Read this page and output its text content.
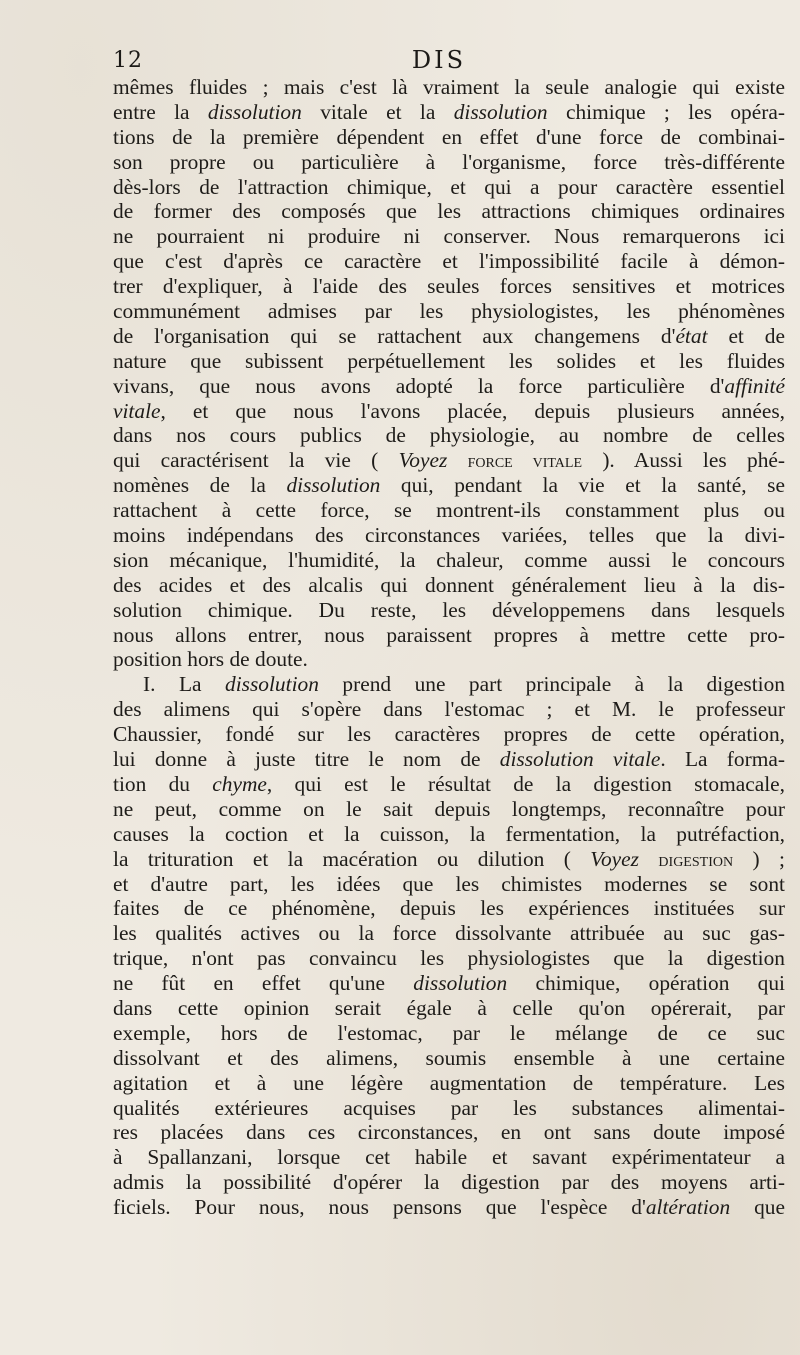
12	DIS
mêmes fluides ; mais c'est là vraiment la seule analogie qui existe
entre la dissolution vitale et la dissolution chimique ; les opéra-
tions de la première dépendent en effet d'une force de combinai-
son propre ou particulière à l'organisme, force très-différente
dès-lors de l'attraction chimique, et qui a pour caractère essentiel
de former des composés que les attractions chimiques ordinaires
ne pourraient ni produire ni conserver. Nous remarquerons ici
que c'est d'après ce caractère et l'impossibilité facile à démon-
trer d'expliquer, à l'aide des seules forces sensitives et motrices
communément admises par les physiologistes, les phénomènes
de l'organisation qui se rattachent aux changemens d'état et de
nature que subissent perpétuellement les solides et les fluides
vivans, que nous avons adopté la force particulière d'affinité
vitale, et que nous l'avons placée, depuis plusieurs années,
dans nos cours publics de physiologie, au nombre de celles
qui caractérisent la vie ( Voyez force vitale ). Aussi les phé-
nomènes de la dissolution qui, pendant la vie et la santé, se
rattachent à cette force, se montrent-ils constamment plus ou
moins indépendans des circonstances variées, telles que la divi-
sion mécanique, l'humidité, la chaleur, comme aussi le concours
des acides et des alcalis qui donnent généralement lieu à la dis-
solution chimique. Du reste, les développemens dans lesquels
nous allons entrer, nous paraissent propres à mettre cette pro-
position hors de doute.
I. La dissolution prend une part principale à la digestion
des alimens qui s'opère dans l'estomac ; et M. le professeur
Chaussier, fondé sur les caractères propres de cette opération,
lui donne à juste titre le nom de dissolution vitale. La forma-
tion du chyme, qui est le résultat de la digestion stomacale,
ne peut, comme on le sait depuis longtemps, reconnaître pour
causes la coction et la cuisson, la fermentation, la putréfaction,
la trituration et la macération ou dilution ( Voyez digestion ) ;
et d'autre part, les idées que les chimistes modernes se sont
faites de ce phénomène, depuis les expériences instituées sur
les qualités actives ou la force dissolvante attribuée au suc gas-
trique, n'ont pas convaincu les physiologistes que la digestion
ne fût en effet qu'une dissolution chimique, opération qui
dans cette opinion serait égale à celle qu'on opérerait, par
exemple, hors de l'estomac, par le mélange de ce suc
dissolvant et des alimens, soumis ensemble à une certaine
agitation et à une légère augmentation de température. Les
qualités extérieures acquises par les substances alimentai-
res placées dans ces circonstances, en ont sans doute imposé
à Spallanzani, lorsque cet habile et savant expérimentateur a
admis la possibilité d'opérer la digestion par des moyens arti-
ficiels. Pour nous, nous pensons que l'espèce d'altération que
